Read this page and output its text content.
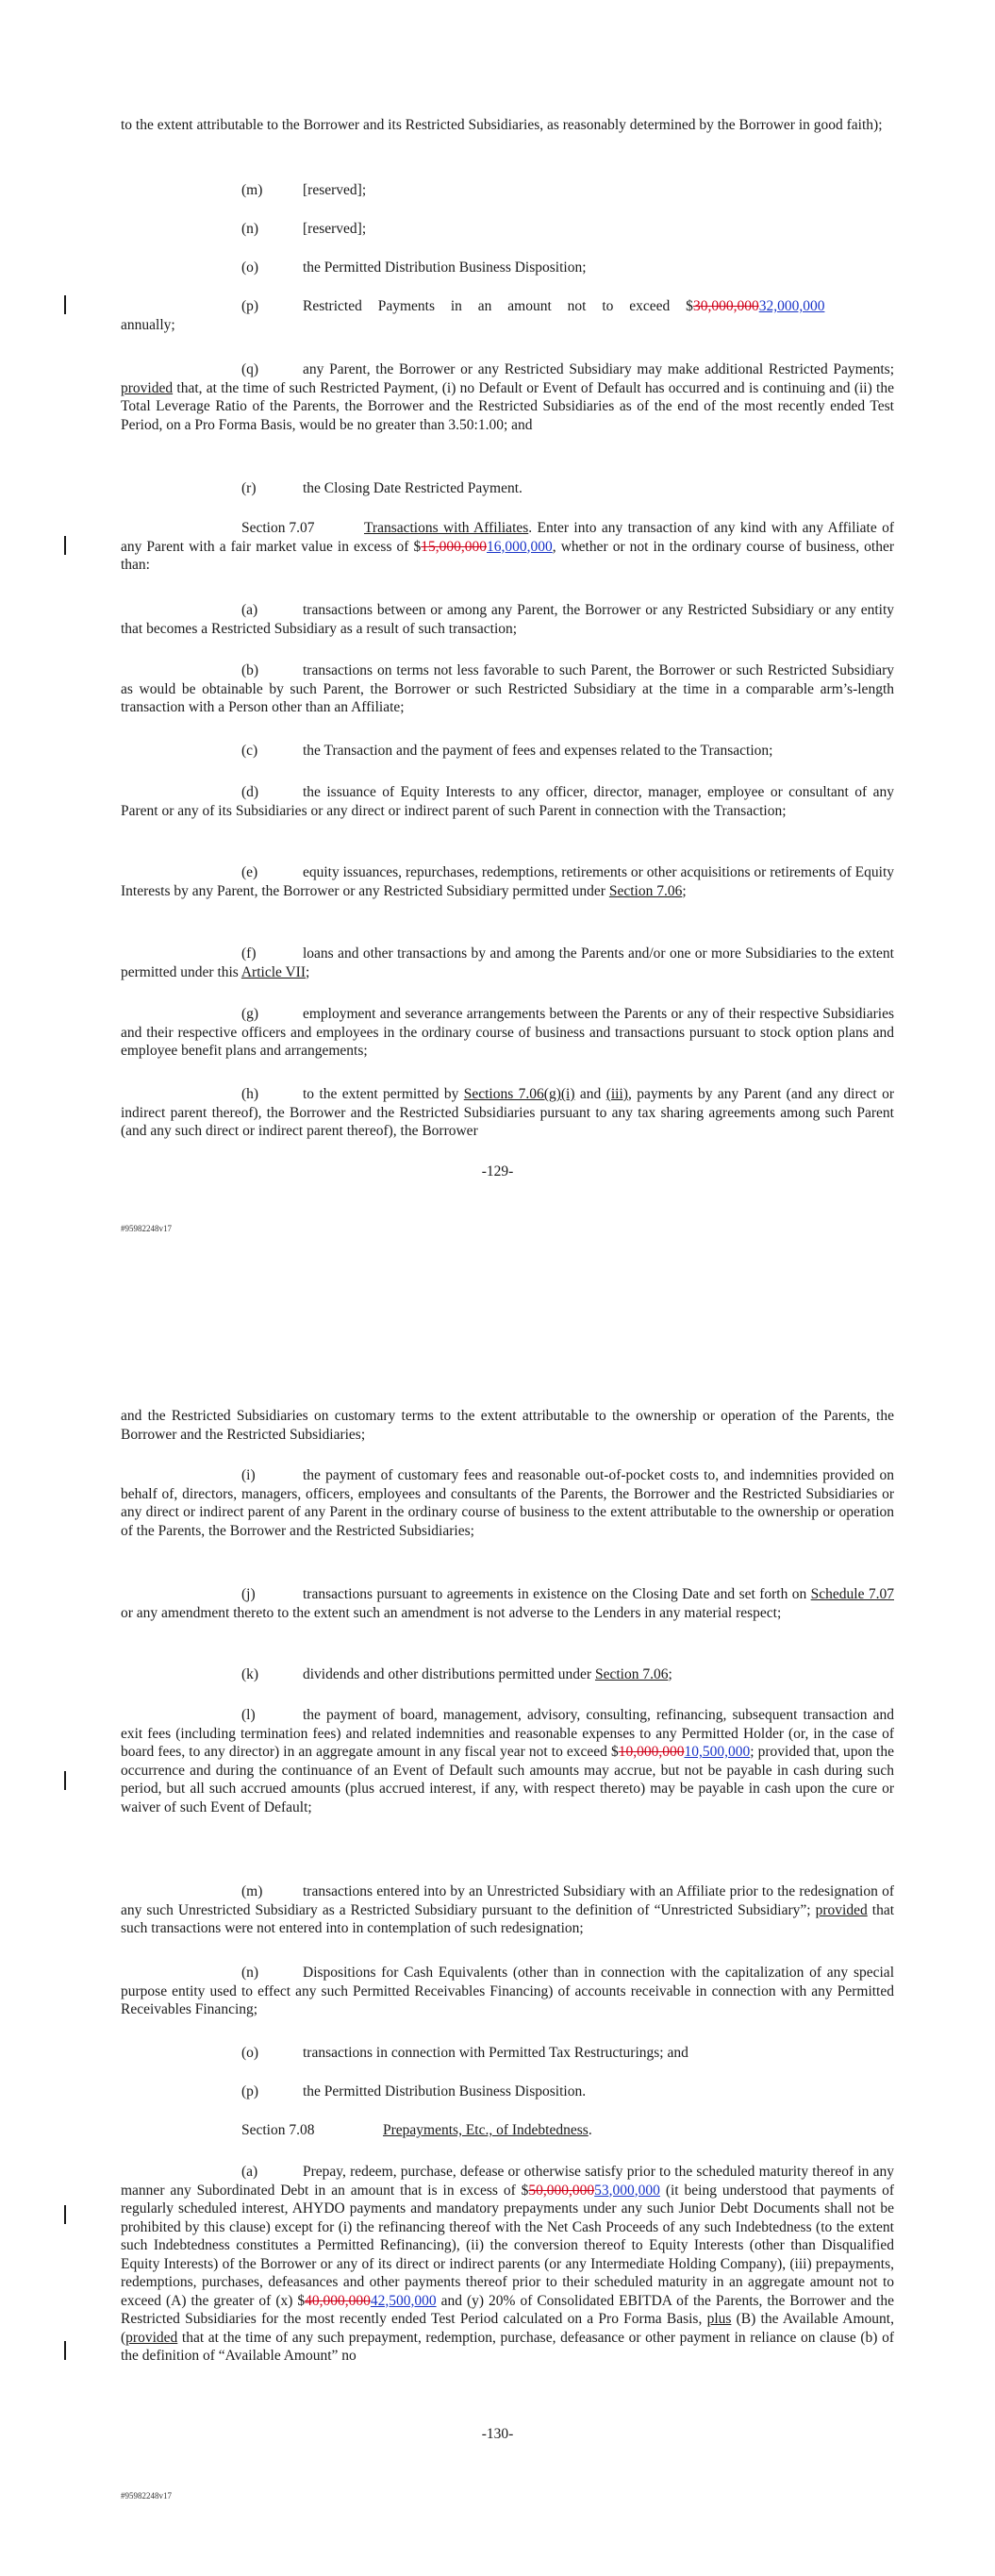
to the extent attributable to the Borrower and its Restricted Subsidiaries, as reasonably determined by the Borrower in good faith);

(m)	[reserved];

(n)	[reserved];

(o)	the Permitted Distribution Business Disposition;

(p)	Restricted Payments in an amount not to exceed $30,000,00032,000,000
annually;

(q)	any Parent, the Borrower or any Restricted Subsidiary may make additional Restricted Payments; provided that, at the time of such Restricted Payment, (i) no Default or Event of Default has occurred and is continuing and (ii) the Total Leverage Ratio of the Parents, the Borrower and the Restricted Subsidiaries as of the end of the most recently ended Test Period, on a Pro Forma Basis, would be no greater than 3.50:1.00; and

(r)	the Closing Date Restricted Payment.

Section 7.07	Transactions with Affiliates. Enter into any transaction of any kind with any Affiliate of any Parent with a fair market value in excess of $15,000,00016,000,000, whether or not in the ordinary course of business, other than:

(a)	transactions between or among any Parent, the Borrower or any Restricted Subsidiary or any entity that becomes a Restricted Subsidiary as a result of such transaction;

(b)	transactions on terms not less favorable to such Parent, the Borrower or such Restricted Subsidiary as would be obtainable by such Parent, the Borrower or such Restricted Subsidiary at the time in a comparable arm’s-length transaction with a Person other than an Affiliate;

(c)	the Transaction and the payment of fees and expenses related to the Transaction;

(d)	the issuance of Equity Interests to any officer, director, manager, employee or consultant of any Parent or any of its Subsidiaries or any direct or indirect parent of such Parent in connection with the Transaction;

(e)	equity issuances, repurchases, redemptions, retirements or other acquisitions or retirements of Equity Interests by any Parent, the Borrower or any Restricted Subsidiary permitted under Section 7.06;

(f)	loans and other transactions by and among the Parents and/or one or more Subsidiaries to the extent permitted under this Article VII;

(g)	employment and severance arrangements between the Parents or any of their respective Subsidiaries and their respective officers and employees in the ordinary course of business and transactions pursuant to stock option plans and employee benefit plans and arrangements;

(h)	to the extent permitted by Sections 7.06(g)(i) and (iii), payments by any Parent (and any direct or indirect parent thereof), the Borrower and the Restricted Subsidiaries pursuant to any tax sharing agreements among such Parent (and any such direct or indirect parent thereof), the Borrower

-129-

#95982248v17

and the Restricted Subsidiaries on customary terms to the extent attributable to the ownership or operation of the Parents, the Borrower and the Restricted Subsidiaries;

(i)	the payment of customary fees and reasonable out-of-pocket costs to, and indemnities provided on behalf of, directors, managers, officers, employees and consultants of the Parents, the Borrower and the Restricted Subsidiaries or any direct or indirect parent of any Parent in the ordinary course of business to the extent attributable to the ownership or operation of the Parents, the Borrower and the Restricted Subsidiaries;

(j)	transactions pursuant to agreements in existence on the Closing Date and set forth on Schedule 7.07 or any amendment thereto to the extent such an amendment is not adverse to the Lenders in any material respect;

(k)	dividends and other distributions permitted under Section 7.06;

(l)	the payment of board, management, advisory, consulting, refinancing, subsequent transaction and exit fees (including termination fees) and related indemnities and reasonable expenses to any Permitted Holder (or, in the case of board fees, to any director) in an aggregate amount in any fiscal year not to exceed $10,000,00010,500,000; provided that, upon the occurrence and during the continuance of an Event of Default such amounts may accrue, but not be payable in cash during such period, but all such accrued amounts (plus accrued interest, if any, with respect thereto) may be payable in cash upon the cure or waiver of such Event of Default;

(m)	transactions entered into by an Unrestricted Subsidiary with an Affiliate prior to the redesignation of any such Unrestricted Subsidiary as a Restricted Subsidiary pursuant to the definition of “Unrestricted Subsidiary”; provided that such transactions were not entered into in contemplation of such redesignation;

(n)	Dispositions for Cash Equivalents (other than in connection with the capitalization of any special purpose entity used to effect any such Permitted Receivables Financing) of accounts receivable in connection with any Permitted Receivables Financing;

(o)	transactions in connection with Permitted Tax Restructurings; and

(p)	the Permitted Distribution Business Disposition.

Section 7.08	Prepayments, Etc., of Indebtedness.

(a)	Prepay, redeem, purchase, defease or otherwise satisfy prior to the scheduled maturity thereof in any manner any Subordinated Debt in an amount that is in excess of $50,000,00053,000,000 (it being understood that payments of regularly scheduled interest, AHYDO payments and mandatory prepayments under any such Junior Debt Documents shall not be prohibited by this clause) except for (i) the refinancing thereof with the Net Cash Proceeds of any such Indebtedness (to the extent such Indebtedness constitutes a Permitted Refinancing), (ii) the conversion thereof to Equity Interests (other than Disqualified Equity Interests) of the Borrower or any of its direct or indirect parents (or any Intermediate Holding Company), (iii) prepayments, redemptions, purchases, defeasances and other payments thereof prior to their scheduled maturity in an aggregate amount not to exceed (A) the greater of (x) $40,000,00042,500,000 and (y) 20% of Consolidated EBITDA of the Parents, the Borrower and the Restricted Subsidiaries for the most recently ended Test Period calculated on a Pro Forma Basis, plus (B) the Available Amount, (provided that at the time of any such prepayment, redemption, purchase, defeasance or other payment in reliance on clause (b) of the definition of “Available Amount” no

-130-

#95982248v17
